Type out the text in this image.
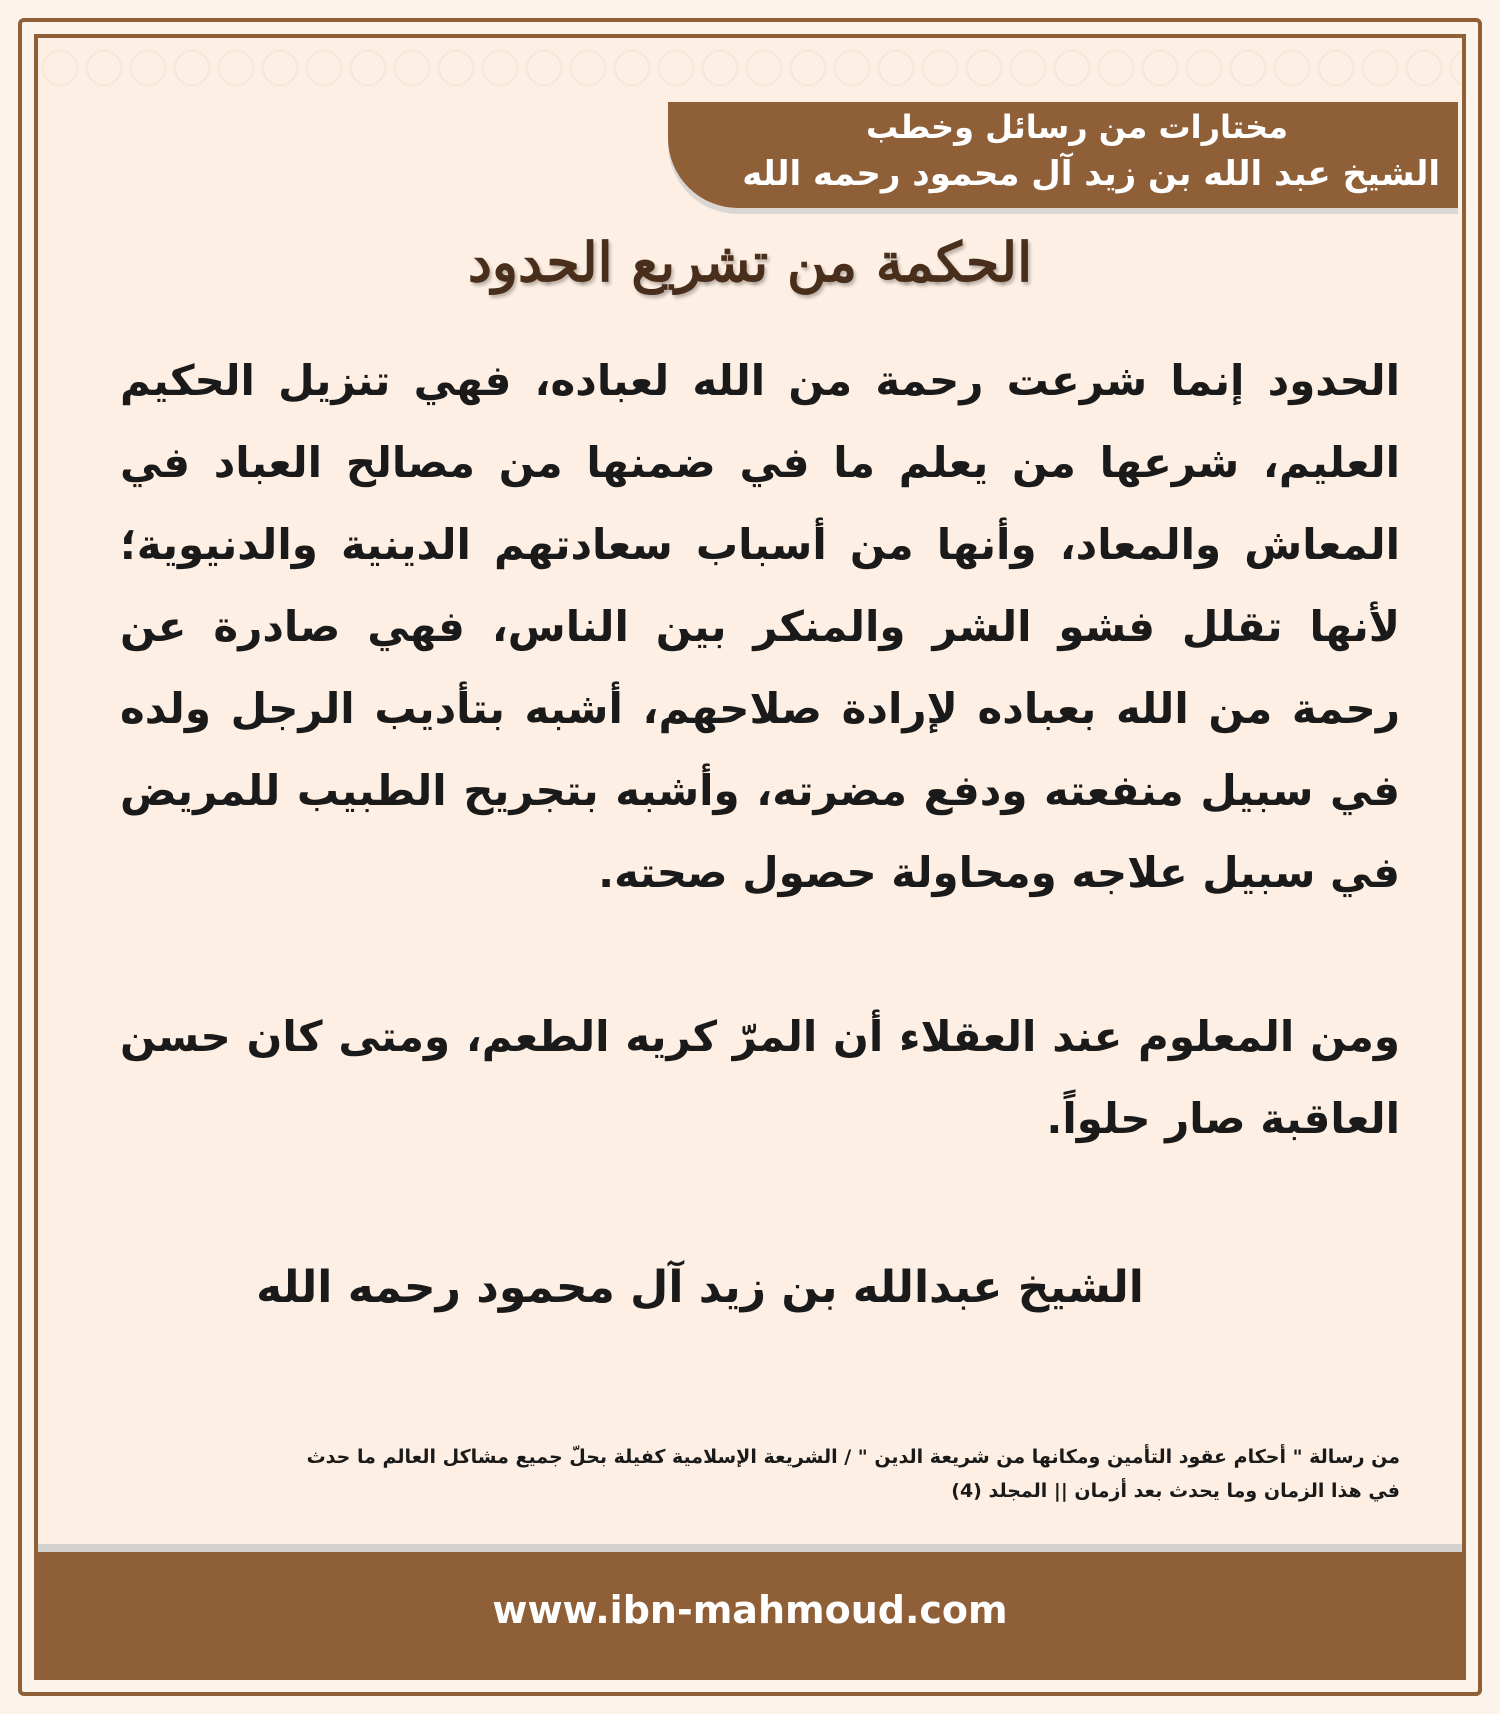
مختارات من رسائل وخطب
الشيخ عبد الله بن زيد آل محمود رحمه الله
الحكمة من تشريع الحدود

الحدود إنما شرعت رحمة من الله لعباده، فهي تنزيل الحكيم العليم، شرعها من يعلم ما في ضمنها من مصالح العباد في المعاش والمعاد، وأنها من أسباب سعادتهم الدينية والدنيوية؛ لأنها تقلل فشو الشر والمنكر بين الناس، فهي صادرة عن رحمة من الله بعباده لإرادة صلاحهم، أشبه بتأديب الرجل ولده في سبيل منفعته ودفع مضرته، وأشبه بتجريح الطبيب للمريض في سبيل علاجه ومحاولة حصول صحته.

ومن المعلوم عند العقلاء أن المرّ كريه الطعم، ومتى كان حسن العاقبة صار حلواً.

الشيخ عبدالله بن زيد آل محمود رحمه الله
من رسالة " أحكام عقود التأمين ومكانها من شريعة الدين " / الشريعة الإسلامية كفيلة بحلّ جميع مشاكل العالم ما حدث
في هذا الزمان وما يحدث بعد أزمان || المجلد (4)
www.ibn-mahmoud.com
